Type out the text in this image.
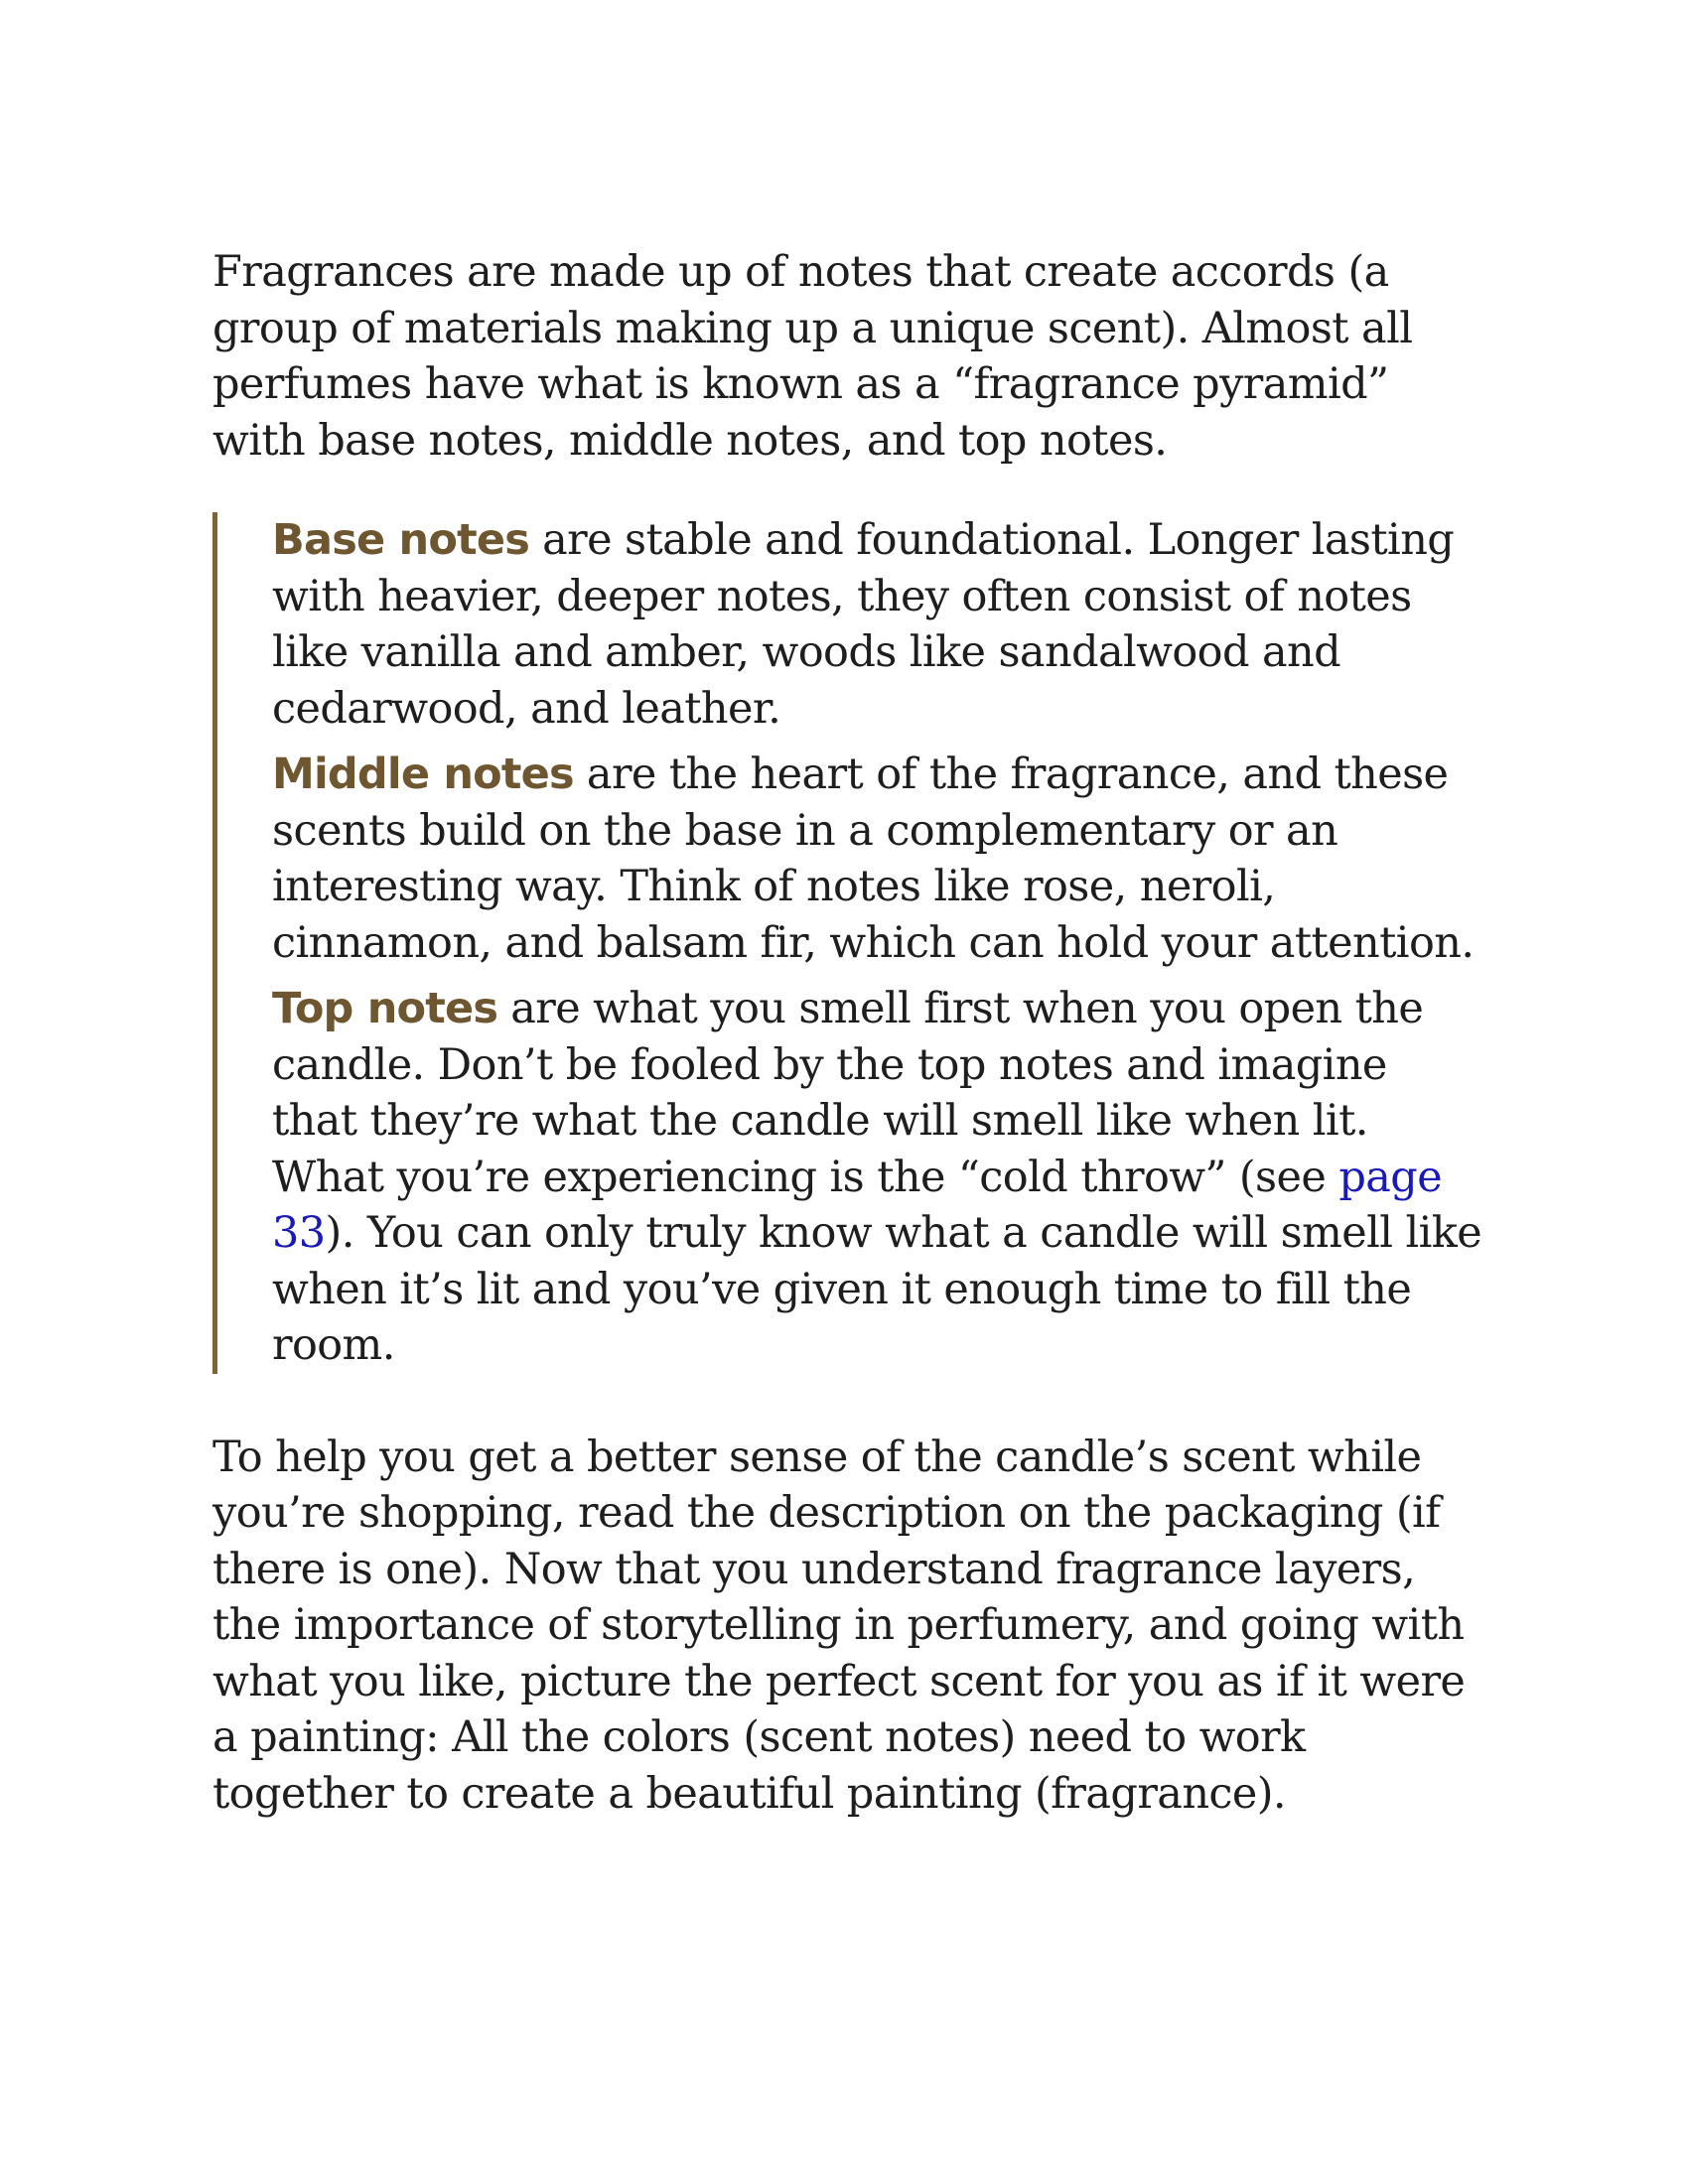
Fragrances are made up of notes that create accords (a group of materials making up a unique scent). Almost all perfumes have what is known as a “fragrance pyramid” with base notes, middle notes, and top notes.

Base notes are stable and foundational. Longer lasting with heavier, deeper notes, they often consist of notes like vanilla and amber, woods like sandalwood and cedarwood, and leather.

Middle notes are the heart of the fragrance, and these scents build on the base in a complementary or an interesting way. Think of notes like rose, neroli, cinnamon, and balsam fir, which can hold your attention.

Top notes are what you smell first when you open the candle. Don’t be fooled by the top notes and imagine that they’re what the candle will smell like when lit. What you’re experiencing is the “cold throw” (see page 33). You can only truly know what a candle will smell like when it’s lit and you’ve given it enough time to fill the room.

To help you get a better sense of the candle’s scent while you’re shopping, read the description on the packaging (if there is one). Now that you understand fragrance layers, the importance of storytelling in perfumery, and going with what you like, picture the perfect scent for you as if it were a painting: All the colors (scent notes) need to work together to create a beautiful painting (fragrance).
